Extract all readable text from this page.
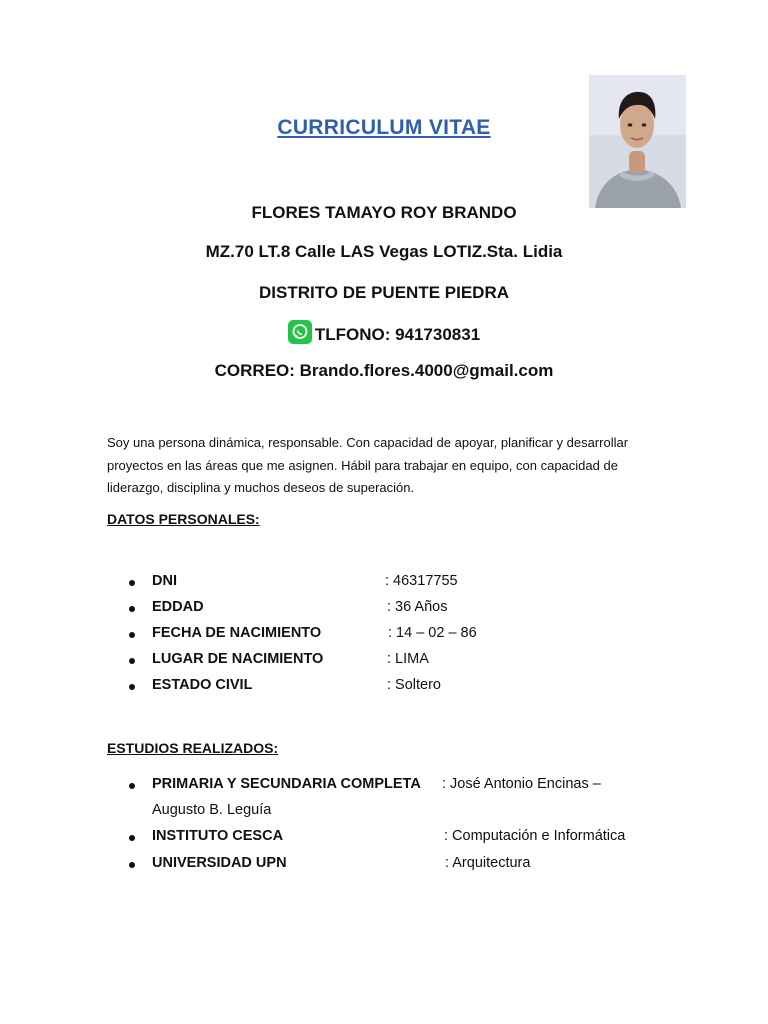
CURRICULUM VITAE
FLORES TAMAYO ROY BRANDO
MZ.70 LT.8 Calle LAS Vegas LOTIZ.Sta. Lidia
DISTRITO DE PUENTE PIEDRA
TLFONO: 941730831
CORREO: Brando.flores.4000@gmail.com

Soy una persona dinámica, responsable. Con capacidad de apoyar, planificar y desarrollar proyectos en las áreas que me asignen. Hábil para trabajar en equipo, con capacidad de liderazgo, disciplina y muchos deseos de superación.

DATOS PERSONALES:
DNI	: 46317755
EDDAD	: 36 Años
FECHA DE NACIMIENTO	: 14 – 02 – 86
LUGAR DE NACIMIENTO	: LIMA
ESTADO CIVIL	: Soltero
ESTUDIOS REALIZADOS:
PRIMARIA Y SECUNDARIA COMPLETA : José Antonio Encinas –
Augusto B. Leguía
INSTITUTO CESCA	: Computación e Informática
UNIVERSIDAD UPN	: Arquitectura
